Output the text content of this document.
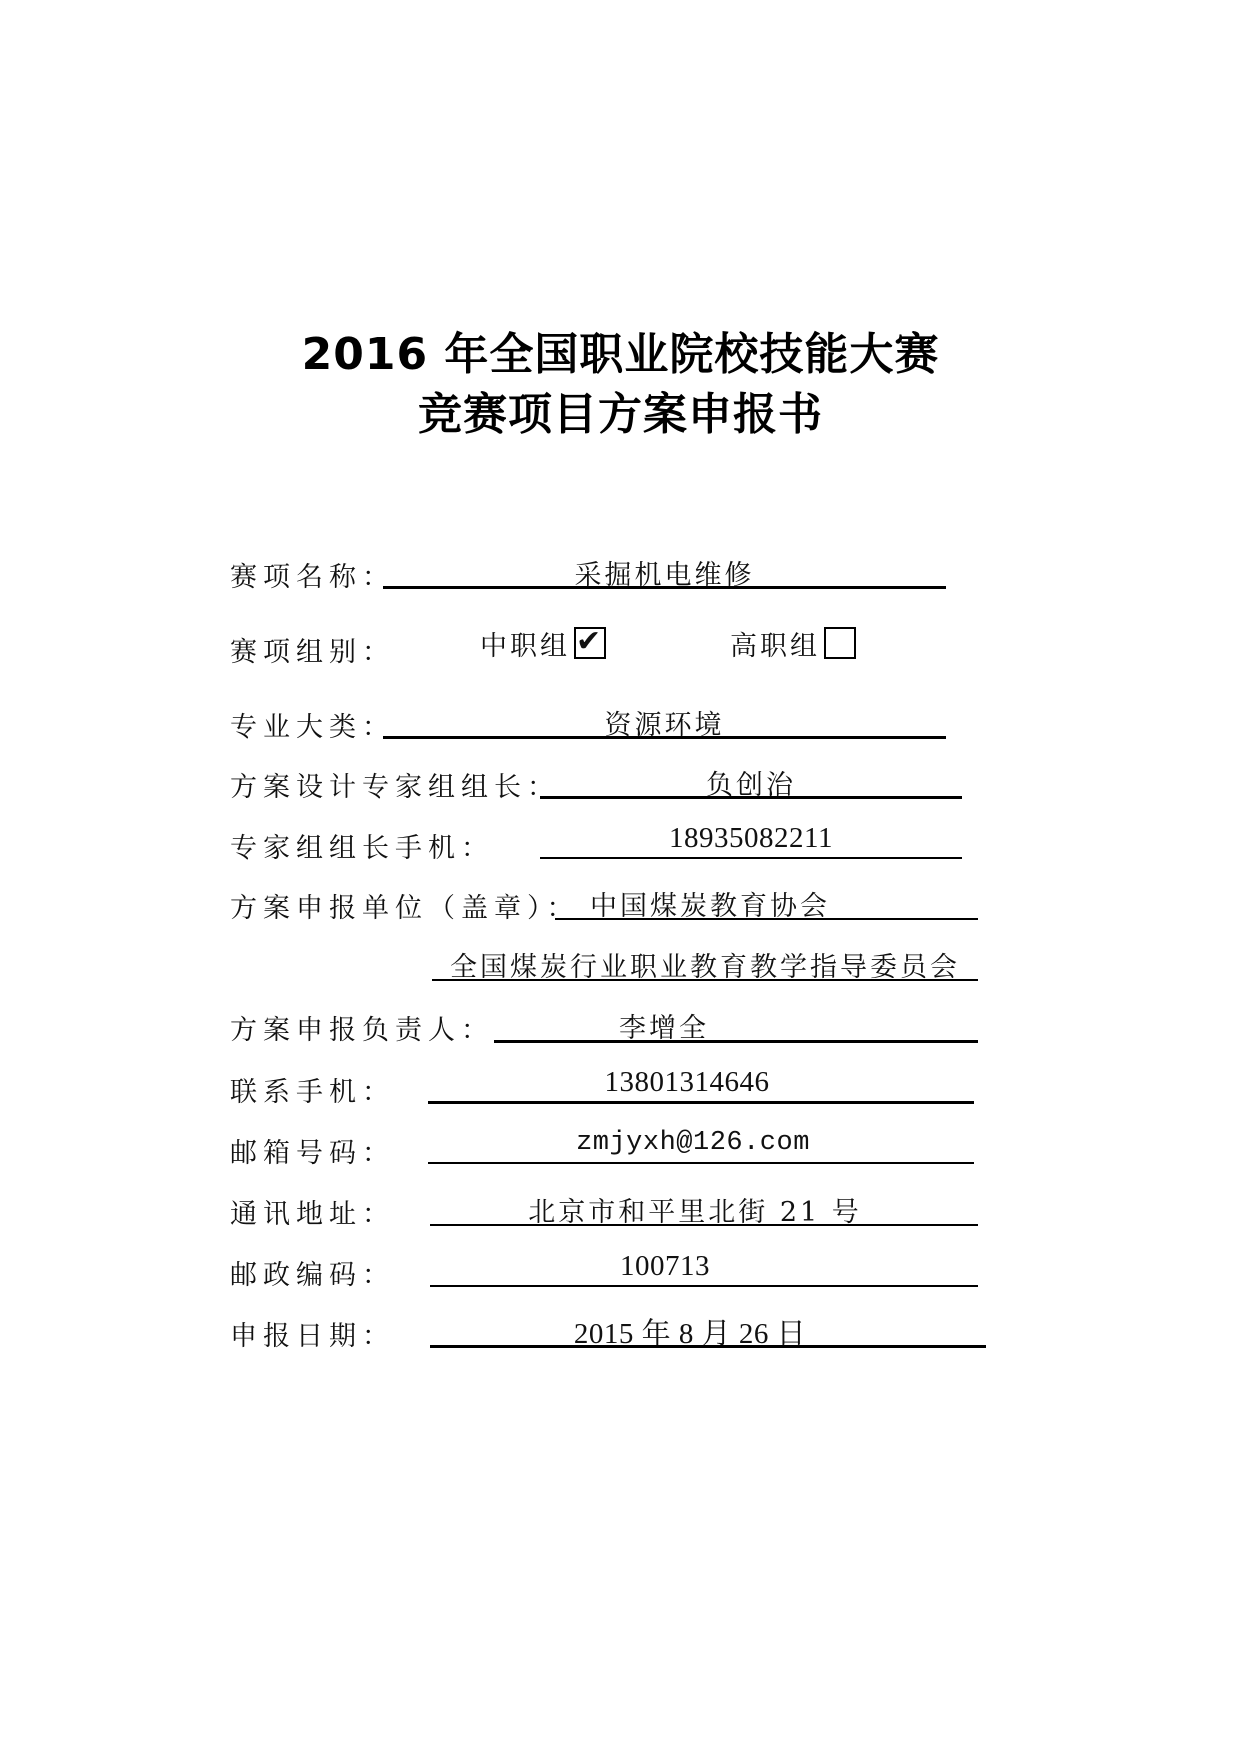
2016 年全国职业院校技能大赛
竞赛项目方案申报书
赛项名称：	采掘机电维修
赛项组别：	中职组 ✔	高职组
专业大类：	资源环境
方案设计专家组组长：	负创治
专家组组长手机：	18935082211
方案申报单位（盖章）： 中国煤炭教育协会
全国煤炭行业职业教育教学指导委员会
方案申报负责人：	李增全
联系手机：	13801314646
邮箱号码：	zmjyxh@126.com
通讯地址：	北京市和平里北街 21 号
邮政编码：	100713
申报日期：	2015 年 8 月 26 日
